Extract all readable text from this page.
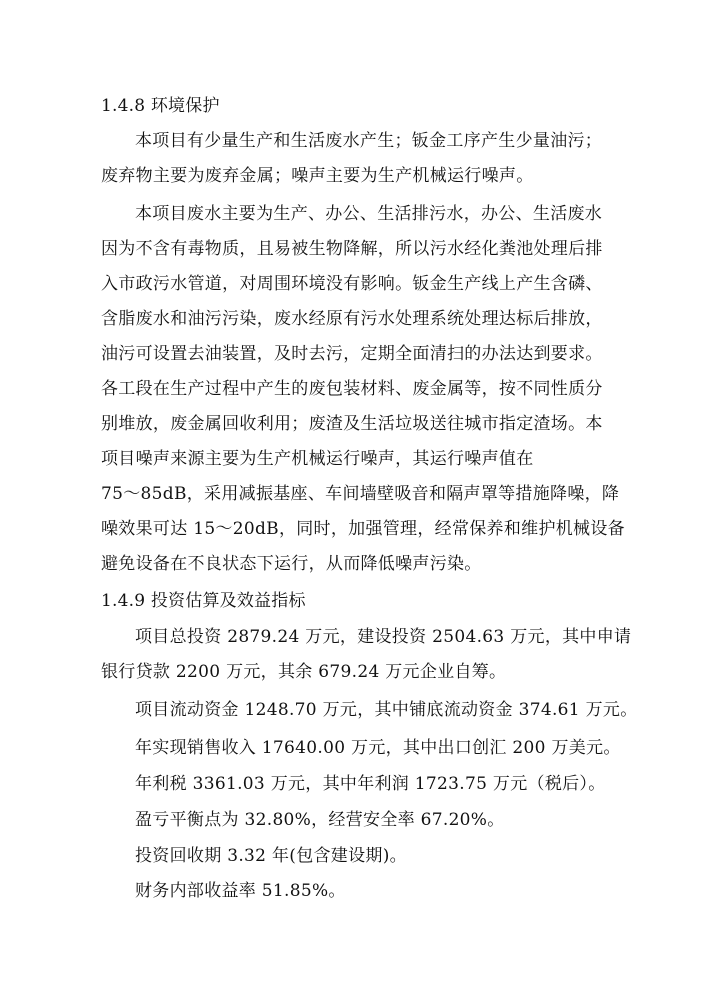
1.4.8 环境保护
本项目有少量生产和生活废水产生；钣金工序产生少量油污；
废弃物主要为废弃金属；噪声主要为生产机械运行噪声。
本项目废水主要为生产、办公、生活排污水，办公、生活废水
因为不含有毒物质，且易被生物降解，所以污水经化粪池处理后排
入市政污水管道，对周围环境没有影响。钣金生产线上产生含磷、
含脂废水和油污污染，废水经原有污水处理系统处理达标后排放，
油污可设置去油装置，及时去污，定期全面清扫的办法达到要求。
各工段在生产过程中产生的废包装材料、废金属等，按不同性质分
别堆放，废金属回收利用；废渣及生活垃圾送往城市指定渣场。本
项目噪声来源主要为生产机械运行噪声，其运行噪声值在
75～85dB，采用减振基座、车间墙壁吸音和隔声罩等措施降噪，降
噪效果可达 15～20dB，同时，加强管理，经常保养和维护机械设备
避免设备在不良状态下运行，从而降低噪声污染。
1.4.9 投资估算及效益指标
项目总投资 2879.24 万元，建设投资 2504.63 万元，其中申请
银行贷款 2200 万元，其余 679.24 万元企业自筹。
项目流动资金 1248.70 万元，其中铺底流动资金 374.61 万元。
年实现销售收入 17640.00 万元，其中出口创汇 200 万美元。
年利税 3361.03 万元，其中年利润 1723.75 万元（税后）。
盈亏平衡点为 32.80%，经营安全率 67.20%。
投资回收期 3.32 年(包含建设期)。
财务内部收益率 51.85%。
